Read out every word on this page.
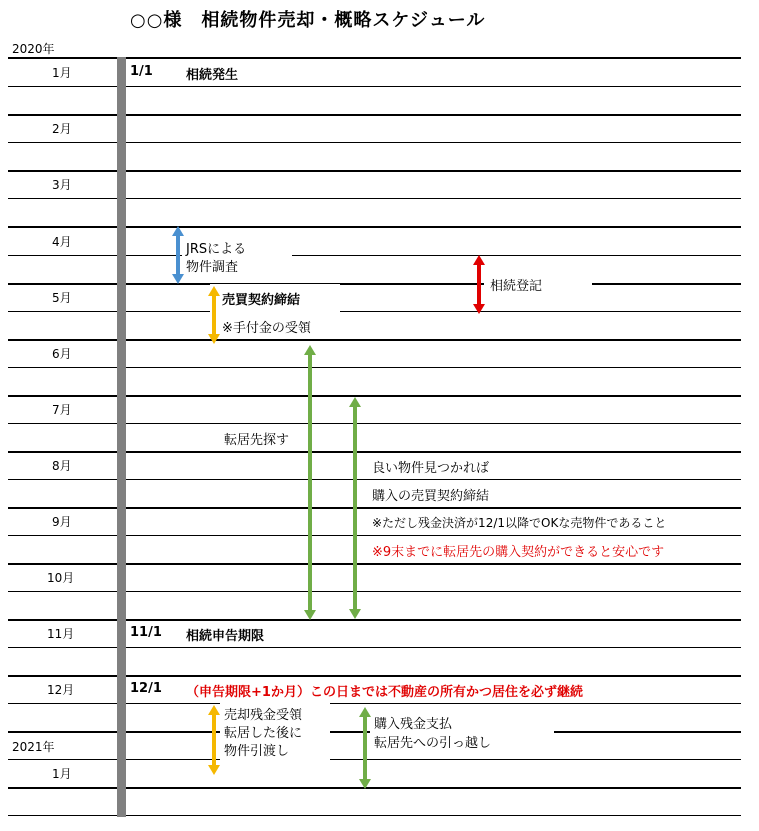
○○様　相続物件売却・概略スケジュール
2020年
1月
2月
3月
4月
5月
6月
7月
8月
9月
10月
11月
12月
2021年
1月
1/1	相続発生
JRSによる
物件調査
相続登記
売買契約締結
※手付金の受領
転居先探す
良い物件見つかれば
購入の売買契約締結
※ただし残金決済が12/1以降でOKな売物件であること
※9末までに転居先の購入契約ができると安心です
11/1 相続申告期限
12/1 （申告期限+1か月）この日までは不動産の所有かつ居住を必ず継続
売却残金受領
転居した後に
物件引渡し
購入残金支払
転居先への引っ越し
